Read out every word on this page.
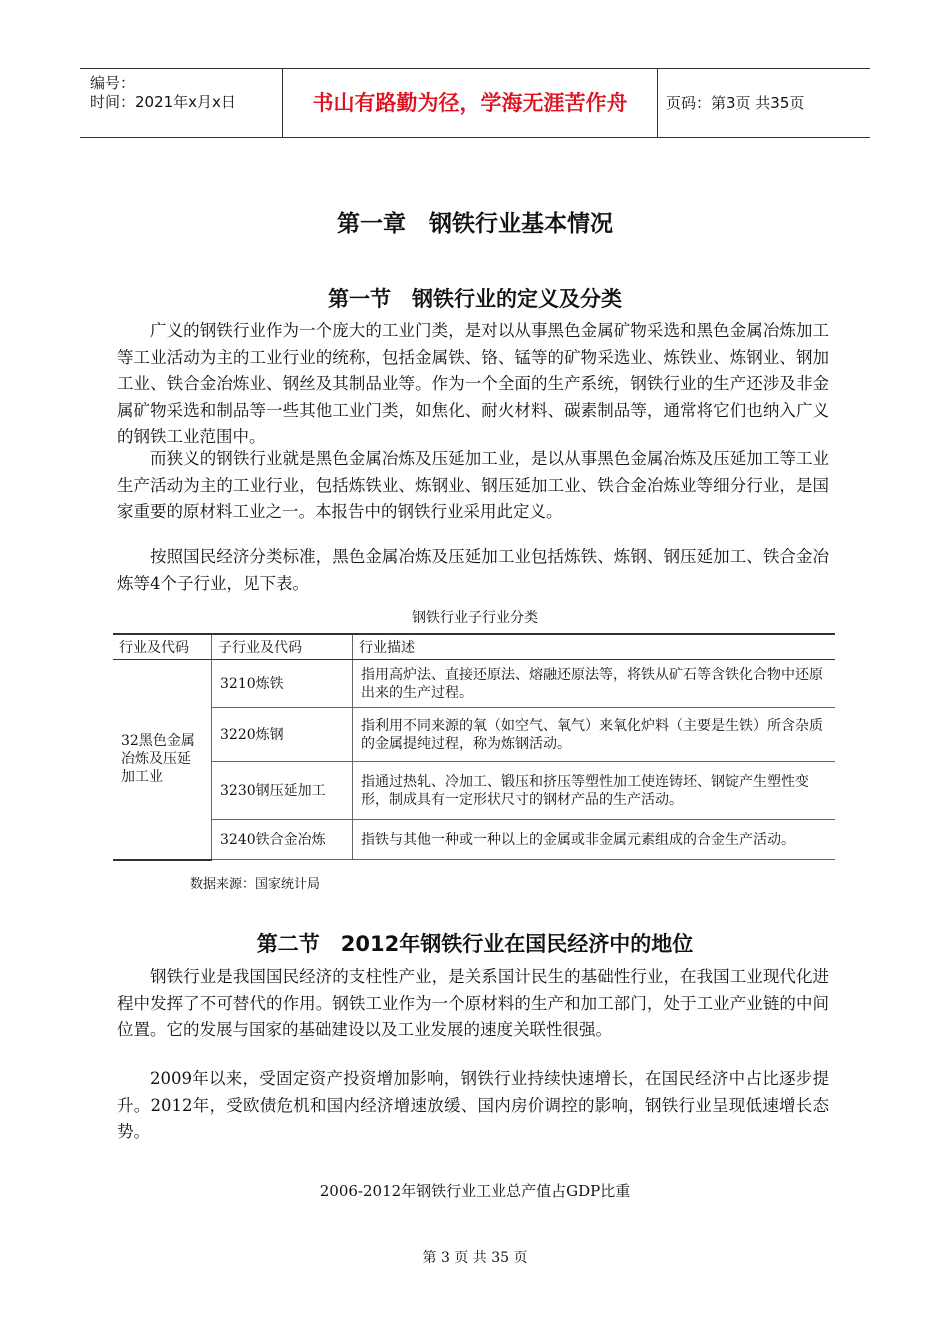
编号：
时间：2021年x月x日	书山有路勤为径，学海无涯苦作舟	页码：第3页 共35页
第一章　钢铁行业基本情况
第一节　钢铁行业的定义及分类

广义的钢铁行业作为一个庞大的工业门类，是对以从事黑色金属矿物采选和黑色金属冶炼加工等工业活动为主的工业行业的统称，包括金属铁、铬、锰等的矿物采选业、炼铁业、炼钢业、钢加工业、铁合金冶炼业、钢丝及其制品业等。作为一个全面的生产系统，钢铁行业的生产还涉及非金属矿物采选和制品等一些其他工业门类，如焦化、耐火材料、碳素制品等，通常将它们也纳入广义的钢铁工业范围中。

而狭义的钢铁行业就是黑色金属冶炼及压延加工业，是以从事黑色金属冶炼及压延加工等工业生产活动为主的工业行业，包括炼铁业、炼钢业、钢压延加工业、铁合金冶炼业等细分行业，是国家重要的原材料工业之一。本报告中的钢铁行业采用此定义。

按照国民经济分类标准，黑色金属冶炼及压延加工业包括炼铁、炼钢、钢压延加工、铁合金冶炼等4个子行业，见下表。

钢铁行业子行业分类
行业及代码	子行业及代码	行业描述
32黑色金属冶炼及压延加工业	3210炼铁	指用高炉法、直接还原法、熔融还原法等，将铁从矿石等含铁化合物中还原出来的生产过程。
	3220炼钢	指利用不同来源的氧（如空气、氧气）来氧化炉料（主要是生铁）所含杂质的金属提纯过程，称为炼钢活动。
	3230钢压延加工	指通过热轧、冷加工、锻压和挤压等塑性加工使连铸坯、钢锭产生塑性变形，制成具有一定形状尺寸的钢材产品的生产活动。
	3240铁合金冶炼	指铁与其他一种或一种以上的金属或非金属元素组成的合金生产活动。
数据来源：国家统计局
第二节　2012年钢铁行业在国民经济中的地位

钢铁行业是我国国民经济的支柱性产业，是关系国计民生的基础性行业，在我国工业现代化进程中发挥了不可替代的作用。钢铁工业作为一个原材料的生产和加工部门，处于工业产业链的中间位置。它的发展与国家的基础建设以及工业发展的速度关联性很强。

2009年以来，受固定资产投资增加影响，钢铁行业持续快速增长，在国民经济中占比逐步提升。2012年，受欧债危机和国内经济增速放缓、国内房价调控的影响，钢铁行业呈现低速增长态势。

2006-2012年钢铁行业工业总产值占GDP比重
第 3 页 共 35 页
